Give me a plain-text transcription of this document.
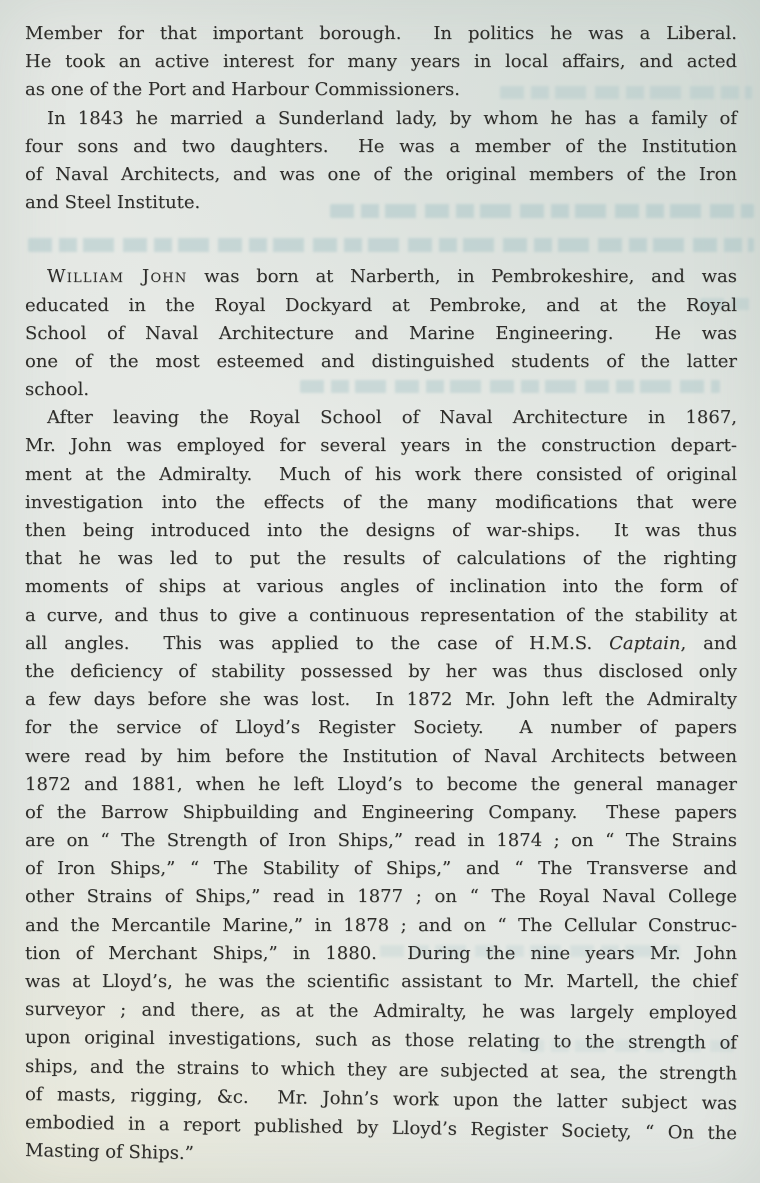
Member for that important borough.  In politics he was a Liberal.
He took an active interest for many years in local affairs, and acted
as one of the Port and Harbour Commissioners.
In 1843 he married a Sunderland lady, by whom he has a family of
four sons and two daughters.  He was a member of the Institution
of Naval Architects, and was one of the original members of the Iron
and Steel Institute.
William John was born at Narberth, in Pembrokeshire, and was
educated in the Royal Dockyard at Pembroke, and at the Royal
School of Naval Architecture and Marine Engineering.  He was
one of the most esteemed and distinguished students of the latter
school.
After leaving the Royal School of Naval Architecture in 1867,
Mr. John was employed for several years in the construction depart-
ment at the Admiralty.  Much of his work there consisted of original
investigation into the effects of the many modifications that were
then being introduced into the designs of war-ships.  It was thus
that he was led to put the results of calculations of the righting
moments of ships at various angles of inclination into the form of
a curve, and thus to give a continuous representation of the stability at
all angles.  This was applied to the case of H.M.S. Captain, and
the deficiency of stability possessed by her was thus disclosed only
a few days before she was lost.  In 1872 Mr. John left the Admiralty
for the service of Lloyd’s Register Society.  A number of papers
were read by him before the Institution of Naval Architects between
1872 and 1881, when he left Lloyd’s to become the general manager
of the Barrow Shipbuilding and Engineering Company.  These papers
are on “ The Strength of Iron Ships,” read in 1874 ; on “ The Strains
of Iron Ships,” “ The Stability of Ships,” and “ The Transverse and
other Strains of Ships,” read in 1877 ; on “ The Royal Naval College
and the Mercantile Marine,” in 1878 ; and on “ The Cellular Construc-
tion of Merchant Ships,” in 1880.  During the nine years Mr. John
was at Lloyd’s, he was the scientific assistant to Mr. Martell, the chief
surveyor ; and there, as at the Admiralty, he was largely employed
upon original investigations, such as those relating to the strength of
ships, and the strains to which they are subjected at sea, the strength
of masts, rigging, &c.  Mr. John’s work upon the latter subject was
embodied in a report published by Lloyd’s Register Society, “ On the
Masting of Ships.”
